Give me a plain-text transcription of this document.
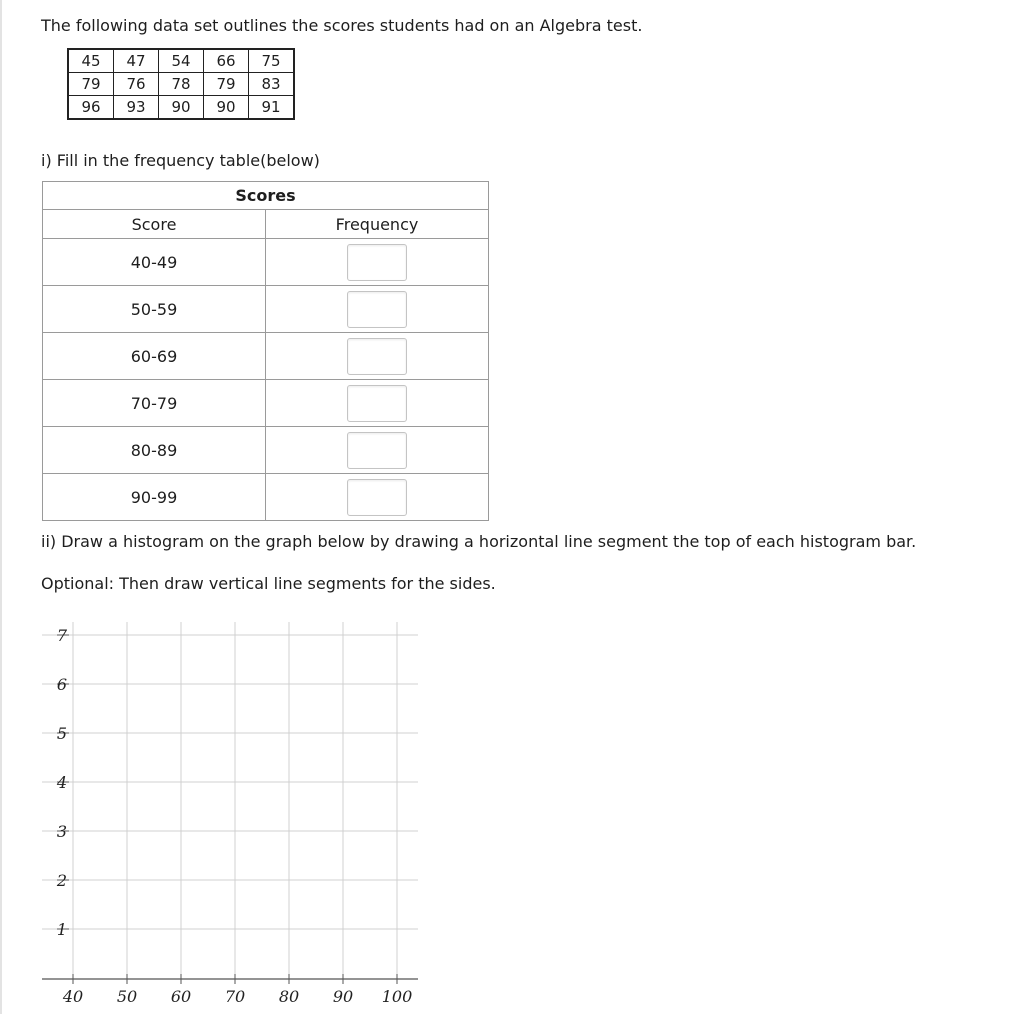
The following data set outlines the scores students had on an Algebra test.
45	47	54	66	75
79	76	78	79	83
96	93	90	90	91
i) Fill in the frequency table(below)
Scores	
Score	Frequency
40-49	
50-59	
60-69	
70-79	
80-89	
90-99	
ii) Draw a histogram on the graph below by drawing a horizontal line segment the top of each histogram bar.
Optional: Then draw vertical line segments for the sides.
40 50 60 70 80 90 100
1
2
3
4
5
6
7
